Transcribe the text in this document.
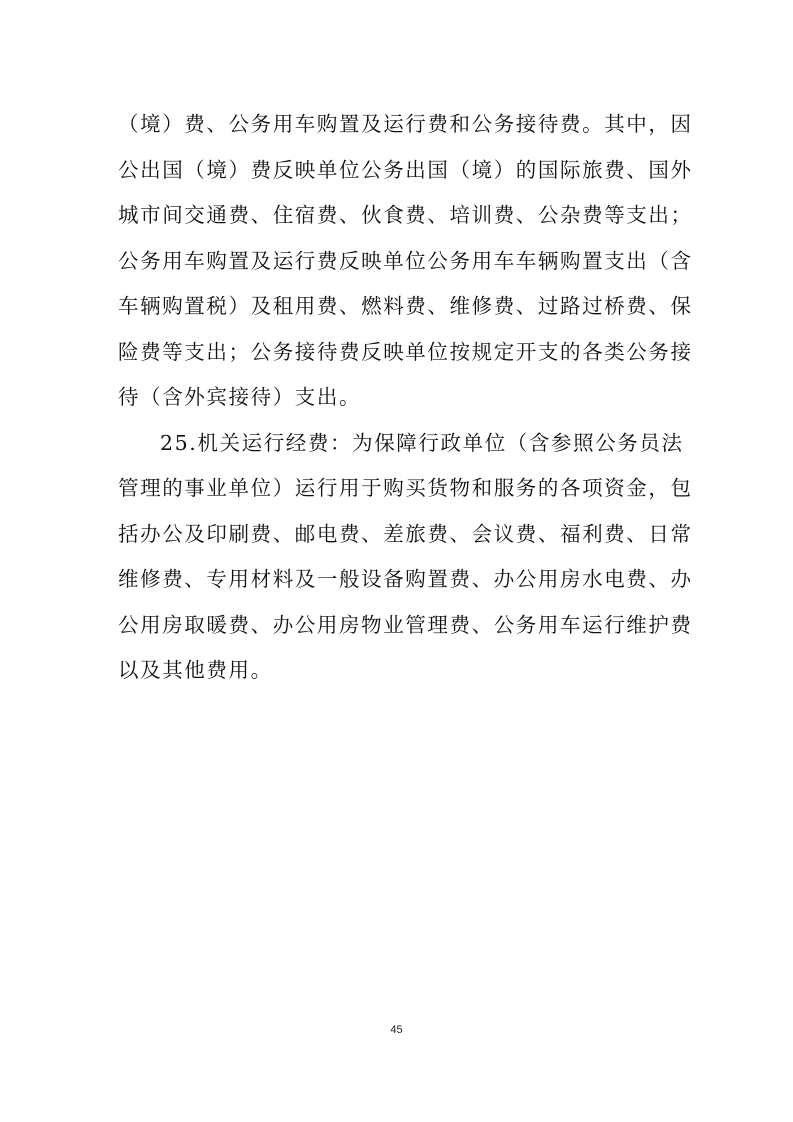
（境）费、公务用车购置及运行费和公务接待费。其中，因
公出国（境）费反映单位公务出国（境）的国际旅费、国外
城市间交通费、住宿费、伙食费、培训费、公杂费等支出；
公务用车购置及运行费反映单位公务用车车辆购置支出（含
车辆购置税）及租用费、燃料费、维修费、过路过桥费、保
险费等支出；公务接待费反映单位按规定开支的各类公务接
待（含外宾接待）支出。
25.机关运行经费：为保障行政单位（含参照公务员法
管理的事业单位）运行用于购买货物和服务的各项资金，包
括办公及印刷费、邮电费、差旅费、会议费、福利费、日常
维修费、专用材料及一般设备购置费、办公用房水电费、办
公用房取暖费、办公用房物业管理费、公务用车运行维护费
以及其他费用。
45
